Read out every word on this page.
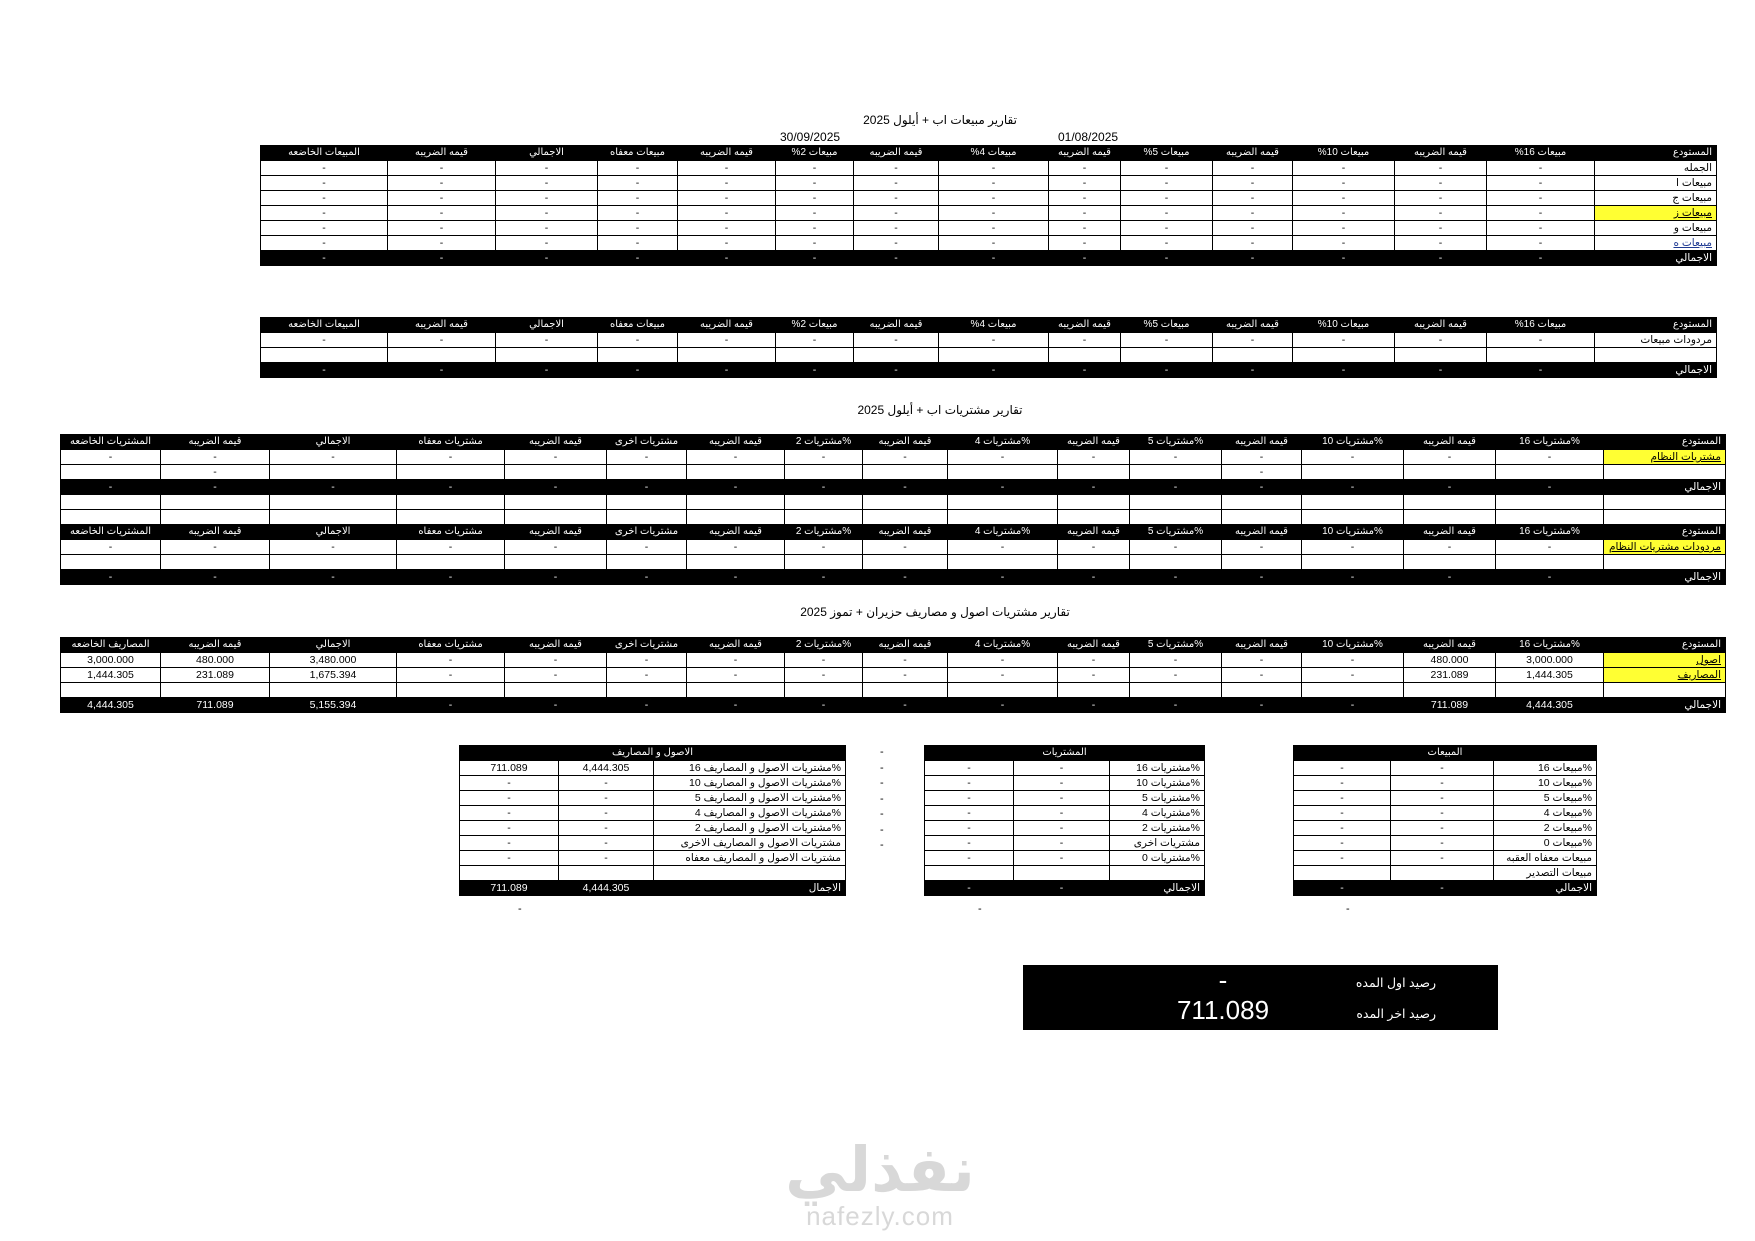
تقارير مبيعات اب + أيلول 2025
01/08/2025
30/09/2025
المستودع	مبيعات 16%	قيمه الضريبه	مبيعات 10%	قيمه الضريبه	مبيعات 5%	قيمه الضريبه	مبيعات 4%	قيمه الضريبه	مبيعات 2%	قيمه الضريبه	مبيعات معفاه	الاجمالي	قيمه الضريبه	المبيعات الخاضعه
الجمله	-	-	-	-	-	-	-	-	-	-	-	-	-	-
مبيعات ا	-	-	-	-	-	-	-	-	-	-	-	-	-	-
مبيعات ج	-	-	-	-	-	-	-	-	-	-	-	-	-	-
مبيعات ز	-	-	-	-	-	-	-	-	-	-	-	-	-	-
مبيعات و	-	-	-	-	-	-	-	-	-	-	-	-	-	-
مبيعات ه	-	-	-	-	-	-	-	-	-	-	-	-	-	-
الاجمالي	-	-	-	-	-	-	-	-	-	-	-	-	-	-
المستودع	مبيعات 16%	قيمه الضريبه	مبيعات 10%	قيمه الضريبه	مبيعات 5%	قيمه الضريبه	مبيعات 4%	قيمه الضريبه	مبيعات 2%	قيمه الضريبه	مبيعات معفاه	الاجمالي	قيمه الضريبه	المبيعات الخاضعه
مردودات مبيعات	-	-	-	-	-	-	-	-	-	-	-	-	-	-

الاجمالي	-	-	-	-	-	-	-	-	-	-	-	-	-	-
تقارير مشتريات اب + أيلول 2025
المستودع	%مشتريات 16	قيمه الضريبه	%مشتريات 10	قيمه الضريبه	%مشتريات 5	قيمه الضريبه	%مشتريات 4	قيمه الضريبه	%مشتريات 2	قيمه الضريبه	مشتريات اخرى	قيمه الضريبه	مشتريات معفاه	الاجمالي	قيمه الضريبه	المشتريات الخاضعه
مشتريات النظام	-	-	-	-	-	-	-	-	-	-	-	-	-	-	-	-
				-											-	
الاجمالي	-	-	-	-	-	-	-	-	-	-	-	-	-	-	-	-

المستودع	%مشتريات 16	قيمه الضريبه	%مشتريات 10	قيمه الضريبه	%مشتريات 5	قيمه الضريبه	%مشتريات 4	قيمه الضريبه	%مشتريات 2	قيمه الضريبه	مشتريات اخرى	قيمه الضريبه	مشتريات معفاه	الاجمالي	قيمه الضريبه	المشتريات الخاضعه
مردودات مشتريات النظام	-	-	-	-	-	-	-	-	-	-	-	-	-	-	-	-

الاجمالي	-	-	-	-	-	-	-	-	-	-	-	-	-	-	-	-
تقارير مشتريات اصول و مصاريف حزيران + تموز 2025
المستودع	%مشتريات 16	قيمه الضريبه	%مشتريات 10	قيمه الضريبه	%مشتريات 5	قيمه الضريبه	%مشتريات 4	قيمه الضريبه	%مشتريات 2	قيمه الضريبه	مشتريات اخرى	قيمه الضريبه	مشتريات معفاه	الاجمالي	قيمه الضريبه	المصاريف الخاضعه
اصول	3,000.000	480.000	-	-	-	-	-	-	-	-	-	-	-	3,480.000	480.000	3,000.000
المصاريف	1,444.305	231.089	-	-	-	-	-	-	-	-	-	-	-	1,675.394	231.089	1,444.305

الاجمالي	4,444.305	711.089	-	-	-	-	-	-	-	-	-	-	-	5,155.394	711.089	4,444.305
المبيعات		
%مبيعات 16	-	-
%مبيعات 10	-	-
%مبيعات 5	-	-
%مبيعات 4	-	-
%مبيعات 2	-	-
%مبيعات 0	-	-
مبيعات معفاه العقبه	-	-
مبيعات التصدير		
الاجمالي	-	-
-
المشتريات		
%مشتريات 16	-	-
%مشتريات 10	-	-
%مشتريات 5	-	-
%مشتريات 4	-	-
%مشتريات 2	-	-
مشتريات اخرى	-	-
%مشتريات 0	-	-

الاجمالي	-	-
-
الاصول و المصاريف		
%مشتريات الاصول و المصاريف 16	4,444.305	711.089
%مشتريات الاصول و المصاريف 10	-	-
%مشتريات الاصول و المصاريف 5	-	-
%مشتريات الاصول و المصاريف 4	-	-
%مشتريات الاصول و المصاريف 2	-	-
مشتريات الاصول و المصاريف الاخرى	-	-
مشتريات الاصول و المصاريف معفاه	-	-

الاجمال	4,444.305	711.089
-
-
-
-
-
-
-
-
رصيد اول المده
-
رصيد اخر المده
711.089
نفذلي
nafezly.com
